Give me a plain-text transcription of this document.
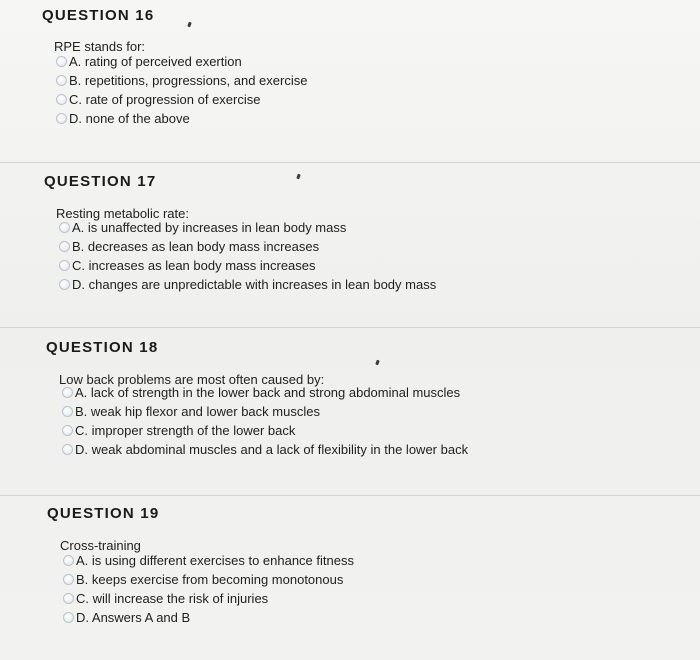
QUESTION 16
RPE stands for:
A. rating of perceived exertion
B. repetitions, progressions, and exercise
C. rate of progression of exercise
D. none of the above
QUESTION 17
Resting metabolic rate:
A. is unaffected by increases in lean body mass
B. decreases as lean body mass increases
C. increases as lean body mass increases
D. changes are unpredictable with increases in lean body mass
QUESTION 18
Low back problems are most often caused by:
A. lack of strength in the lower back and strong abdominal muscles
B. weak hip flexor and lower back muscles
C. improper strength of the lower back
D. weak abdominal muscles and a lack of flexibility in the lower back
QUESTION 19
Cross-training
A. is using different exercises to enhance fitness
B. keeps exercise from becoming monotonous
C. will increase the risk of injuries
D. Answers A and B
